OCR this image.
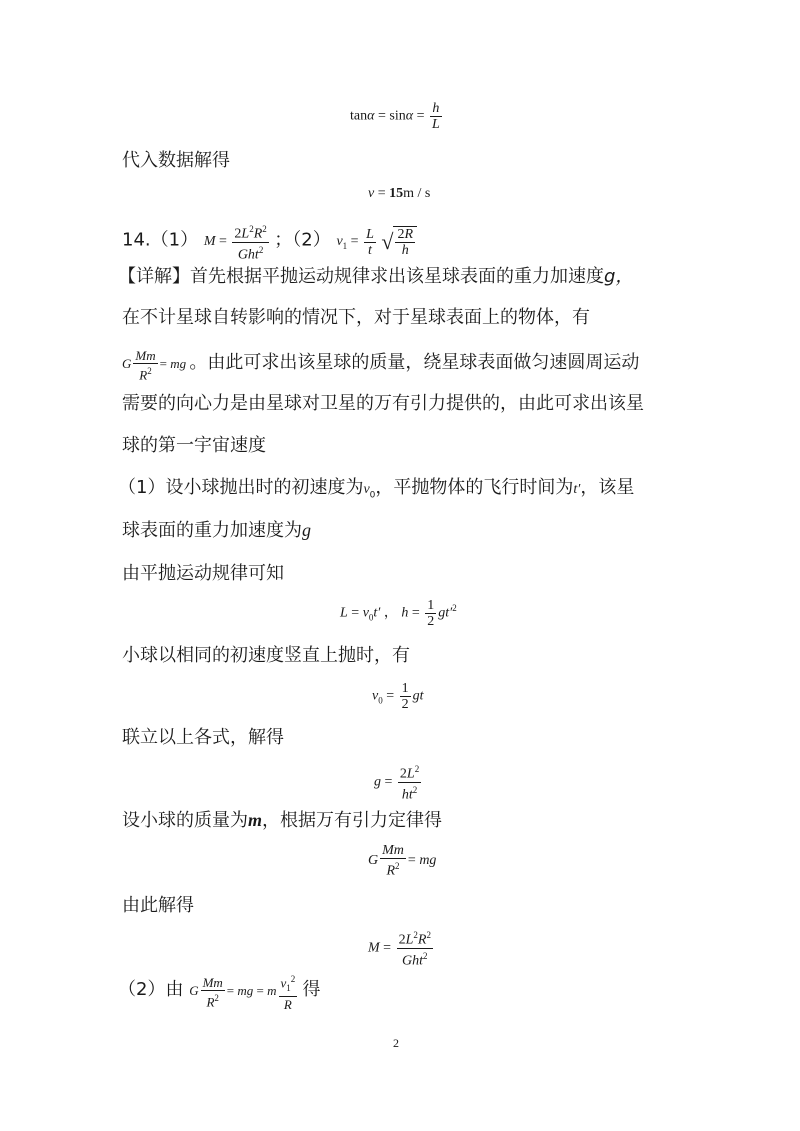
$\tan\alpha = \sin\alpha = \frac{h}{L}$
代入数据解得
v = 15m / s
14.（1） $M = \frac{2L^2R^2}{Ght^2}$ ；（2） $v_1 = \frac{L}{t}$ √ $\frac{2R}{h}$
【详解】首先根据平抛运动规律求出该星球表面的重力加速度g，
在不计星球自转影响的情况下，对于星球表面上的物体，有
G $\frac{Mm}{R^2}$ = mg 。由此可求出该星球的质量，绕星球表面做匀速圆周运动
需要的向心力是由星球对卫星的万有引力提供的，由此可求出该星
球的第一宇宙速度
（1）设小球抛出时的初速度为$v_0$，平抛物体的飞行时间为t′，该星
球表面的重力加速度为g
由平抛运动规律可知
$L = v_0t'$ ， $h = \frac{1}{2} gt'^2$
小球以相同的初速度竖直上抛时，有
$v_0 = \frac{1}{2}$ gt
联立以上各式，解得
$g = \frac{2L^2}{ht^2}$
设小球的质量为m，根据万有引力定律得
G $\frac{Mm}{R^2}$ = mg
由此解得
$M = \frac{2L^2R^2}{Ght^2}$
（2）由 G $\frac{Mm}{R^2}$ = mg = m $\frac{v_1^2}{R}$ 得
2
